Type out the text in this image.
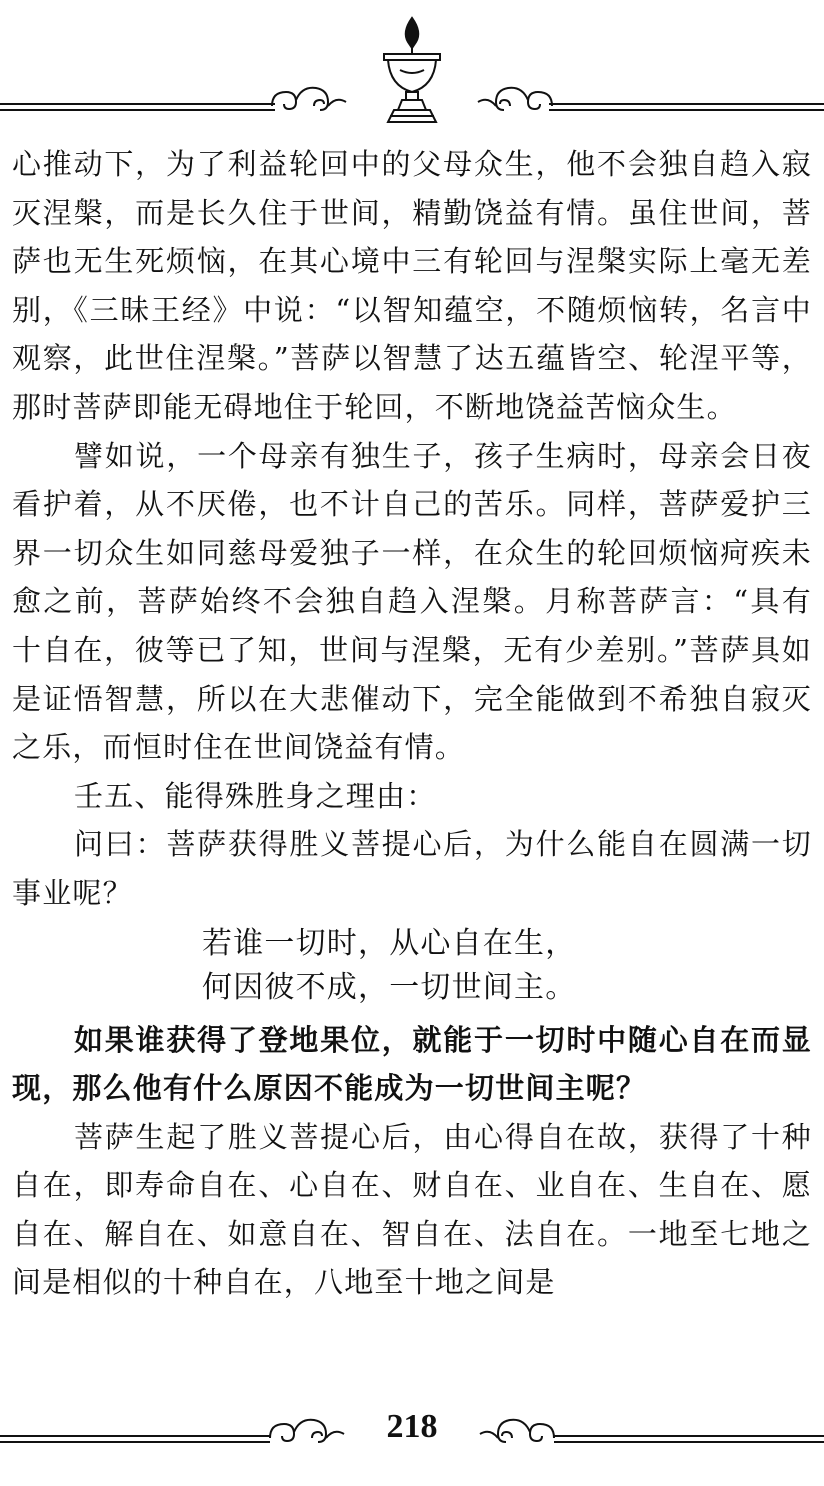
心推动下，为了利益轮回中的父母众生，他不会独自趋入寂灭涅槃，而是长久住于世间，精勤饶益有情。虽住世间，菩萨也无生死烦恼，在其心境中三有轮回与涅槃实际上毫无差别，《三昧王经》中说：“以智知蕴空，不随烦恼转，名言中观察，此世住涅槃。”菩萨以智慧了达五蕴皆空、轮涅平等，那时菩萨即能无碍地住于轮回，不断地饶益苦恼众生。

譬如说，一个母亲有独生子，孩子生病时，母亲会日夜看护着，从不厌倦，也不计自己的苦乐。同样，菩萨爱护三界一切众生如同慈母爱独子一样，在众生的轮回烦恼疴疾未愈之前，菩萨始终不会独自趋入涅槃。月称菩萨言：“具有十自在，彼等已了知，世间与涅槃，无有少差别。”菩萨具如是证悟智慧，所以在大悲催动下，完全能做到不希独自寂灭之乐，而恒时住在世间饶益有情。

壬五、能得殊胜身之理由：

问曰：菩萨获得胜义菩提心后，为什么能自在圆满一切事业呢？

若谁一切时，从心自在生，
何因彼不成，一切世间主。

如果谁获得了登地果位，就能于一切时中随心自在而显现，那么他有什么原因不能成为一切世间主呢？

菩萨生起了胜义菩提心后，由心得自在故，获得了十种自在，即寿命自在、心自在、财自在、业自在、生自在、愿自在、解自在、如意自在、智自在、法自在。一地至七地之间是相似的十种自在，八地至十地之间是

218
